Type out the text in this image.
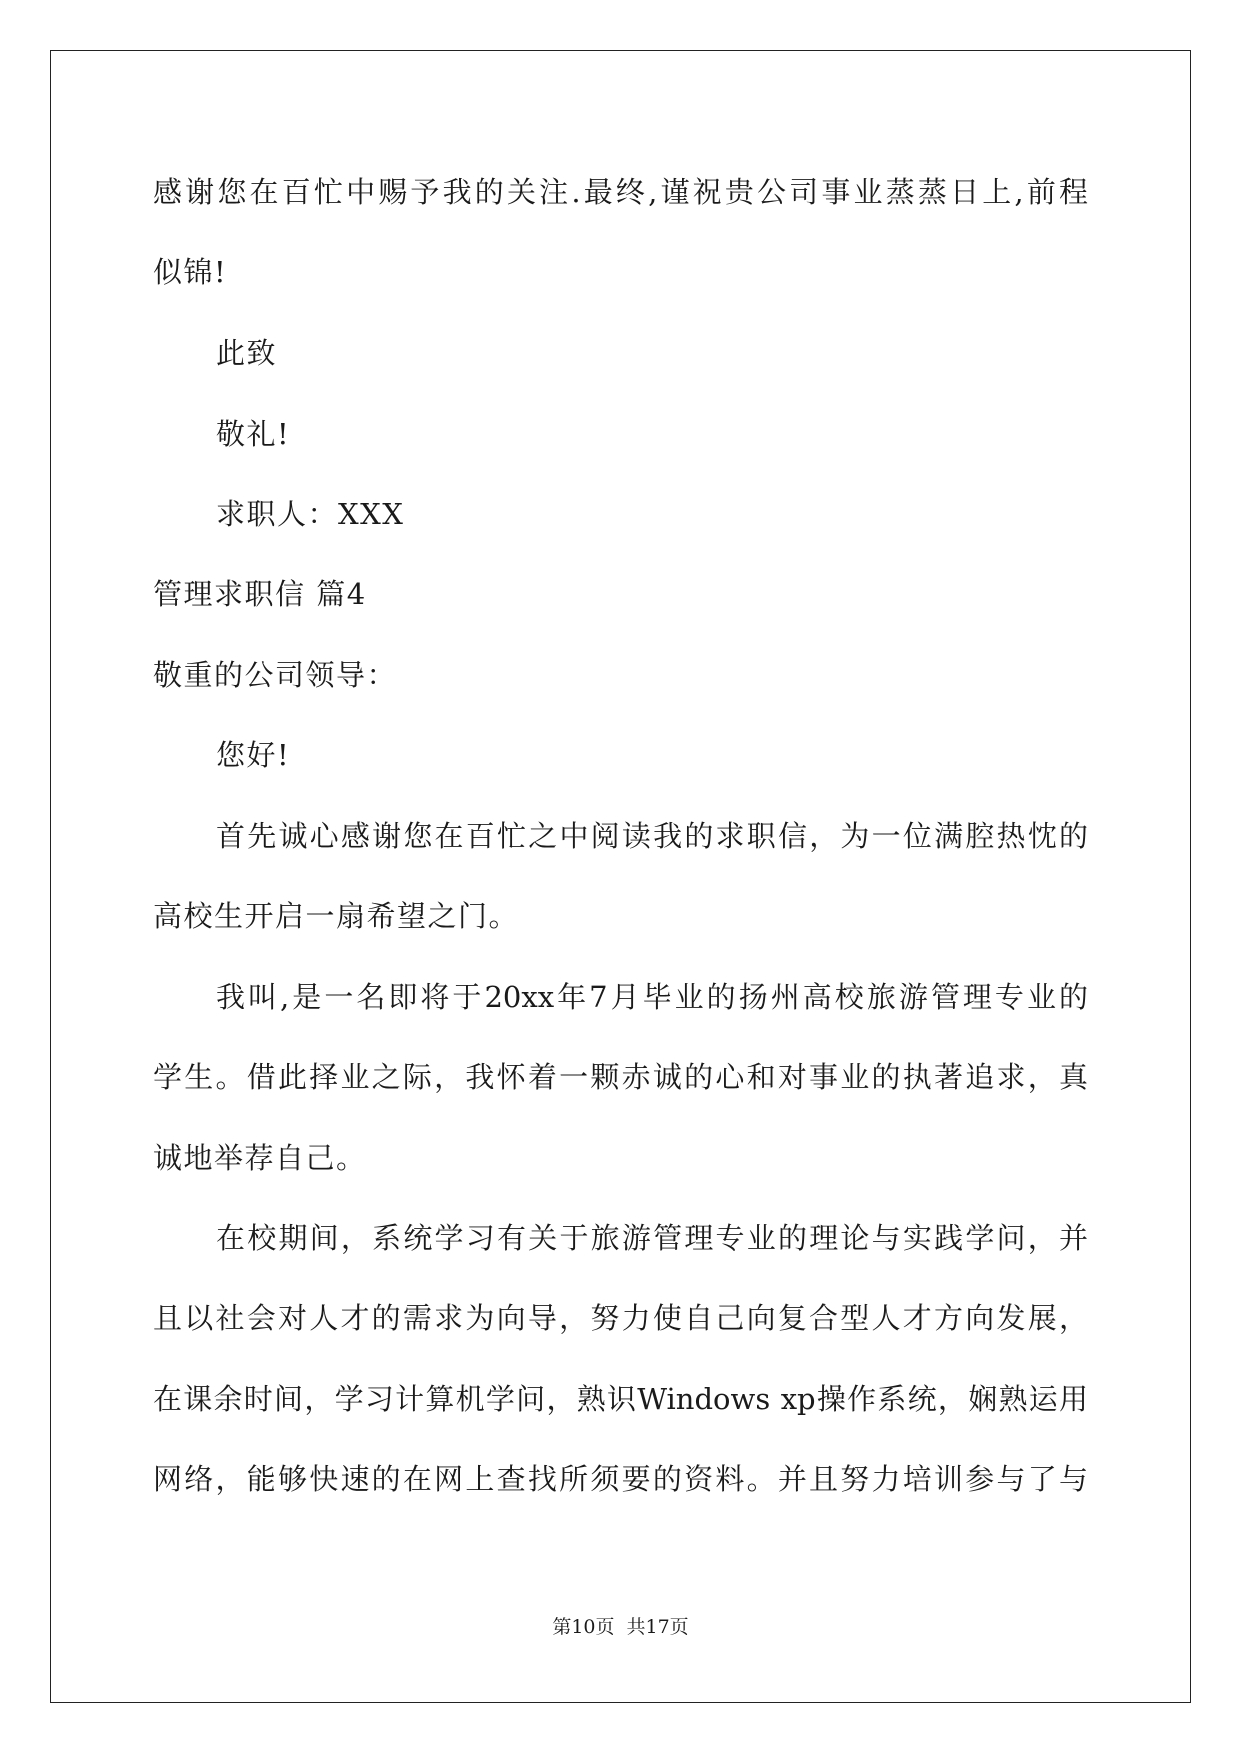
感谢您在百忙中赐予我的关注.最终,谨祝贵公司事业蒸蒸日上,前程
似锦!
此致
敬礼!
求职人：XXX
管理求职信 篇4
敬重的公司领导：
您好!
首先诚心感谢您在百忙之中阅读我的求职信，为一位满腔热忱的
高校生开启一扇希望之门。
我叫,是一名即将于20xx年7月毕业的扬州高校旅游管理专业的
学生。借此择业之际，我怀着一颗赤诚的心和对事业的执著追求，真
诚地举荐自己。
在校期间，系统学习有关于旅游管理专业的理论与实践学问，并
且以社会对人才的需求为向导，努力使自己向复合型人才方向发展，
在课余时间，学习计算机学问，熟识Windows xp操作系统，娴熟运用
网络，能够快速的在网上查找所须要的资料。并且努力培训参与了与
第10页 共17页
